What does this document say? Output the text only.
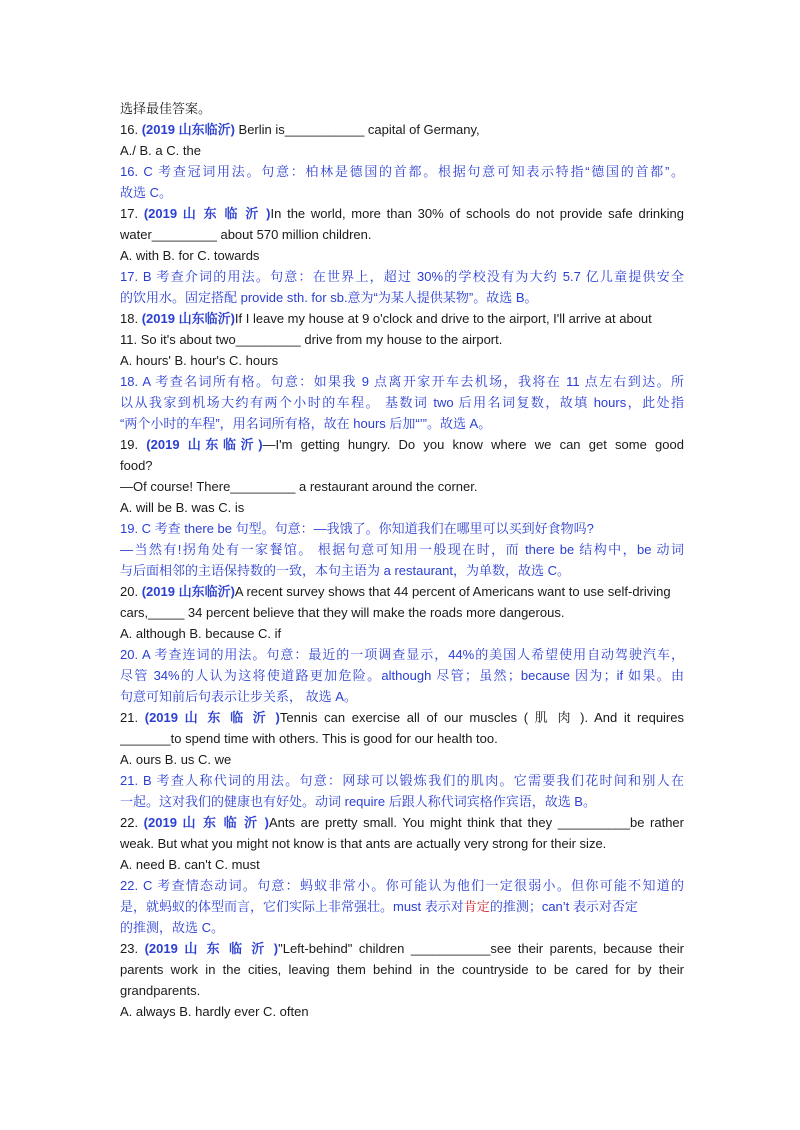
选择最佳答案。
16. (2019 山东临沂) Berlin is___________ capital of Germany,
A./ B. a C. the
16. C 考查冠词用法。句意：柏林是德国的首都。根据句意可知表示特指“德国的首都”。
故选 C。
17. (2019 山 东 临 沂 )In the world, more than 30% of schools do not provide safe drinking
water_________ about 570 million children.
A. with B. for C. towards
17. B 考查介词的用法。句意：在世界上，超过 30%的学校没有为大约 5.7 亿儿童提供安全
的饮用水。固定搭配 provide sth. for sb.意为“为某人提供某物”。故选 B。
18. (2019 山东临沂)If I leave my house at 9 o'clock and drive to the airport, I'll arrive at about
11. So it's about two_________ drive from my house to the airport.
A. hours' B. hour's C. hours
18. A 考查名词所有格。句意：如果我 9 点离开家开车去机场，我将在 11 点左右到达。所
以从我家到机场大约有两个小时的车程。 基数词 two 后用名词复数，故填 hours，此处指
“两个小时的车程”，用名词所有格，故在 hours 后加“’”。故选 A。
19. (2019 山东临沂)—I'm getting hungry. Do you know where we can get some good
food?
—Of course! There_________ a restaurant around the corner.
A. will be B. was C. is
19. C 考查 there be 句型。句意：—我饿了。你知道我们在哪里可以买到好食物吗?
—当然有!拐角处有一家餐馆。 根据句意可知用一般现在时，而 there be 结构中，be 动词
与后面相邻的主语保持数的一致，本句主语为 a restaurant，为单数，故选 C。
20. (2019 山东临沂)A recent survey shows that 44 percent of Americans want to use self-driving
cars,_____ 34 percent believe that they will make the roads more dangerous.
A. although B. because C. if
20. A 考查连词的用法。句意：最近的一项调查显示，44%的美国人希望使用自动驾驶汽车，
尽管 34%的人认为这将使道路更加危险。although 尽管；虽然；because 因为；if 如果。由
句意可知前后句表示让步关系， 故选 A。
21. (2019 山 东 临 沂 )Tennis can exercise all of our muscles ( 肌 肉 ). And it requires
_______to spend time with others. This is good for our health too.
A. ours B. us C. we
21. B 考查人称代词的用法。句意：网球可以锻炼我们的肌肉。它需要我们花时间和别人在
一起。这对我们的健康也有好处。动词 require 后跟人称代词宾格作宾语，故选 B。
22. (2019 山 东 临 沂 )Ants are pretty small. You might think that they __________be rather
weak. But what you might not know is that ants are actually very strong for their size.
A. need B. can't C. must
22. C 考查情态动词。句意：蚂蚁非常小。你可能认为他们一定很弱小。但你可能不知道的
是，就蚂蚁的体型而言，它们实际上非常强壮。must 表示对肯定的推测；can’t 表示对否定
的推测，故选 C。
23. (2019 山 东 临 沂 )"Left-behind" children ___________see their parents, because their
parents work in the cities, leaving them behind in the countryside to be cared for by their
grandparents.
A. always B. hardly ever C. often
